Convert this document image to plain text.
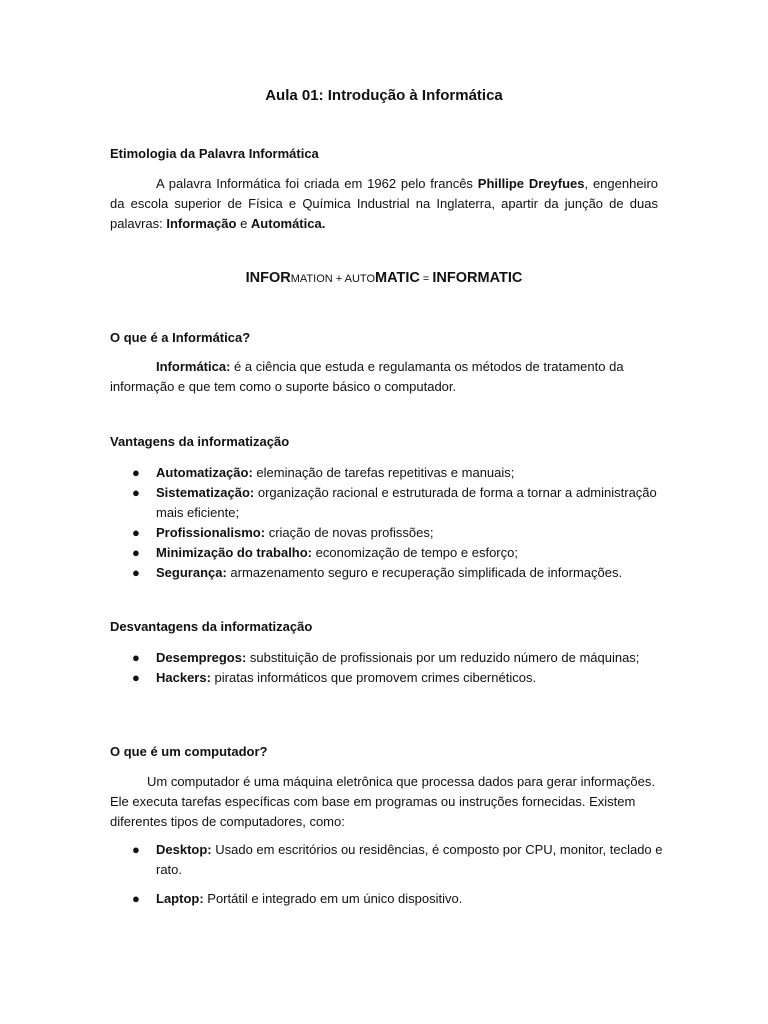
Aula 01: Introdução à Informática
Etimologia da Palavra Informática

A palavra Informática foi criada em 1962 pelo francês Phillipe Dreyfues, engenheiro da escola superior de Física e Química Industrial na Inglaterra, apartir da junção de duas palavras: Informação e Automática.

INFORMATION + AUTOMATIC = INFORMATIC
O que é a Informática?

Informática: é a ciência que estuda e regulamanta os métodos de tratamento da informação e que tem como o suporte básico o computador.

Vantagens da informatização
● Automatização: eleminação de tarefas repetitivas e manuais;
● Sistematização: organização racional e estruturada de forma a tornar a administração mais eficiente;
● Profissionalismo: criação de novas profissões;
● Minimização do trabalho: economização de tempo e esforço;
● Segurança: armazenamento seguro e recuperação simplificada de informações.
Desvantagens da informatização
● Desempregos: substituição de profissionais por um reduzido número de máquinas;
● Hackers: piratas informáticos que promovem crimes cibernéticos.
O que é um computador?

Um computador é uma máquina eletrônica que processa dados para gerar informações. Ele executa tarefas específicas com base em programas ou instruções fornecidas. Existem diferentes tipos de computadores, como:

● Desktop: Usado em escritórios ou residências, é composto por CPU, monitor, teclado e rato.
● Laptop: Portátil e integrado em um único dispositivo.
